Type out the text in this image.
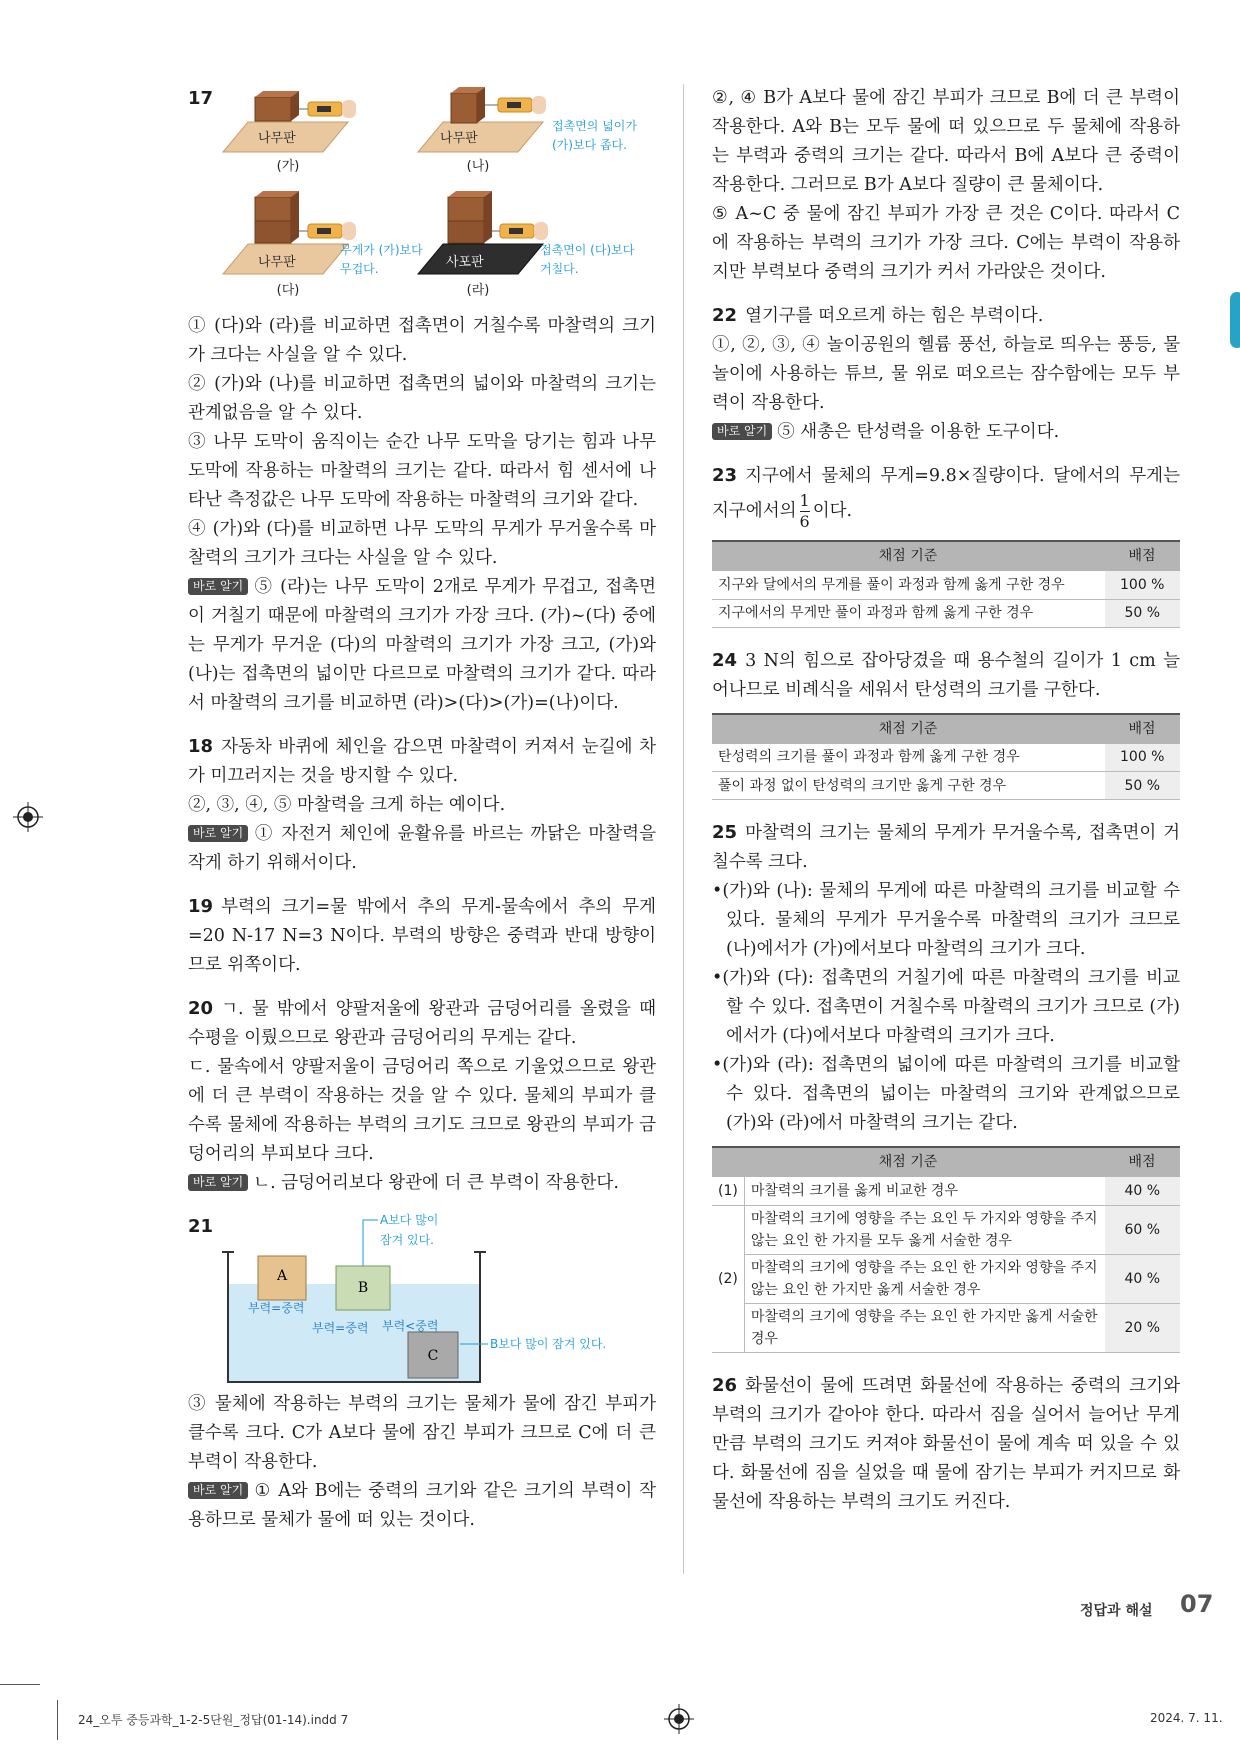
17
나무판
(가)
나무판
(나)
접촉면의 넓이가
(가)보다 좁다.
나무판
(다)
무게가 (가)보다
무겁다.	사포판
(라)
접촉면이 (다)보다
거칠다.

① (다)와 (라)를 비교하면 접촉면이 거칠수록 마찰력의 크기가 크다는 사실을 알 수 있다.

② (가)와 (나)를 비교하면 접촉면의 넓이와 마찰력의 크기는 관계없음을 알 수 있다.

③ 나무 도막이 움직이는 순간 나무 도막을 당기는 힘과 나무 도막에 작용하는 마찰력의 크기는 같다. 따라서 힘 센서에 나타난 측정값은 나무 도막에 작용하는 마찰력의 크기와 같다.

④ (가)와 (다)를 비교하면 나무 도막의 무게가 무거울수록 마찰력의 크기가 크다는 사실을 알 수 있다.

바로 알기 ⑤ (라)는 나무 도막이 2개로 무게가 무겁고, 접촉면이 거칠기 때문에 마찰력의 크기가 가장 크다. (가)~(다) 중에는 무게가 무거운 (다)의 마찰력의 크기가 가장 크고, (가)와 (나)는 접촉면의 넓이만 다르므로 마찰력의 크기가 같다. 따라서 마찰력의 크기를 비교하면 (라)>(다)>(가)=(나)이다.

18 자동차 바퀴에 체인을 감으면 마찰력이 커져서 눈길에 차가 미끄러지는 것을 방지할 수 있다.

②, ③, ④, ⑤ 마찰력을 크게 하는 예이다.

바로 알기 ① 자전거 체인에 윤활유를 바르는 까닭은 마찰력을 작게 하기 위해서이다.

19 부력의 크기=물 밖에서 추의 무게-물속에서 추의 무게 =20 N-17 N=3 N이다. 부력의 방향은 중력과 반대 방향이므로 위쪽이다.

20 ㄱ. 물 밖에서 양팔저울에 왕관과 금덩어리를 올렸을 때 수평을 이뤘으므로 왕관과 금덩어리의 무게는 같다.

ㄷ. 물속에서 양팔저울이 금덩어리 쪽으로 기울었으므로 왕관에 더 큰 부력이 작용하는 것을 알 수 있다. 물체의 부피가 클수록 물체에 작용하는 부력의 크기도 크므로 왕관의 부피가 금덩어리의 부피보다 크다.

바로 알기 ㄴ. 금덩어리보다 왕관에 더 큰 부력이 작용한다.

21
A
B
C
A보다 많이
잠겨 있다.
B보다 많이 잠겨 있다.
부력=중력
부력=중력 부력<중력

③ 물체에 작용하는 부력의 크기는 물체가 물에 잠긴 부피가 클수록 크다. C가 A보다 물에 잠긴 부피가 크므로 C에 더 큰 부력이 작용한다.

바로 알기 ① A와 B에는 중력의 크기와 같은 크기의 부력이 작용하므로 물체가 물에 떠 있는 것이다.

②, ④ B가 A보다 물에 잠긴 부피가 크므로 B에 더 큰 부력이 작용한다. A와 B는 모두 물에 떠 있으므로 두 물체에 작용하는 부력과 중력의 크기는 같다. 따라서 B에 A보다 큰 중력이 작용한다. 그러므로 B가 A보다 질량이 큰 물체이다.

⑤ A~C 중 물에 잠긴 부피가 가장 큰 것은 C이다. 따라서 C에 작용하는 부력의 크기가 가장 크다. C에는 부력이 작용하지만 부력보다 중력의 크기가 커서 가라앉은 것이다.

22 열기구를 떠오르게 하는 힘은 부력이다.

①, ②, ③, ④ 놀이공원의 헬륨 풍선, 하늘로 띄우는 풍등, 물놀이에 사용하는 튜브, 물 위로 떠오르는 잠수함에는 모두 부력이 작용한다.

바로 알기 ⑤ 새총은 탄성력을 이용한 도구이다.

23 지구에서 물체의 무게=9.8×질량이다. 달에서의 무게는 지구에서의 $\frac{1}{6}$ 이다.

채점 기준	배점
지구와 달에서의 무게를 풀이 과정과 함께 옳게 구한 경우	100 %
지구에서의 무게만 풀이 과정과 함께 옳게 구한 경우	50 %

24 3 N의 힘으로 잡아당겼을 때 용수철의 길이가 1 cm 늘어나므로 비례식을 세워서 탄성력의 크기를 구한다.

채점 기준	배점
탄성력의 크기를 풀이 과정과 함께 옳게 구한 경우	100 %
풀이 과정 없이 탄성력의 크기만 옳게 구한 경우	50 %

25 마찰력의 크기는 물체의 무게가 무거울수록, 접촉면이 거칠수록 크다.

•(가)와 (나): 물체의 무게에 따른 마찰력의 크기를 비교할 수 있다. 물체의 무게가 무거울수록 마찰력의 크기가 크므로 (나)에서가 (가)에서보다 마찰력의 크기가 크다.

•(가)와 (다): 접촉면의 거칠기에 따른 마찰력의 크기를 비교할 수 있다. 접촉면이 거칠수록 마찰력의 크기가 크므로 (가)에서가 (다)에서보다 마찰력의 크기가 크다.

•(가)와 (라): 접촉면의 넓이에 따른 마찰력의 크기를 비교할 수 있다. 접촉면의 넓이는 마찰력의 크기와 관계없으므로 (가)와 (라)에서 마찰력의 크기는 같다.

채점 기준		배점
(1)	마찰력의 크기를 옳게 비교한 경우	40 %
(2)	마찰력의 크기에 영향을 주는 요인 두 가지와 영향을 주지 않는 요인 한 가지를 모두 옳게 서술한 경우	60 %
	마찰력의 크기에 영향을 주는 요인 한 가지와 영향을 주지 않는 요인 한 가지만 옳게 서술한 경우	40 %
	마찰력의 크기에 영향을 주는 요인 한 가지만 옳게 서술한 경우	20 %

26 화물선이 물에 뜨려면 화물선에 작용하는 중력의 크기와 부력의 크기가 같아야 한다. 따라서 짐을 실어서 늘어난 무게만큼 부력의 크기도 커져야 화물선이 물에 계속 떠 있을 수 있다. 화물선에 짐을 실었을 때 물에 잠기는 부피가 커지므로 화물선에 작용하는 부력의 크기도 커진다.

정답과 해설 07
24_오투 중등과학_1-2-5단원_정답(01-14).indd 7	2024. 7. 11.
